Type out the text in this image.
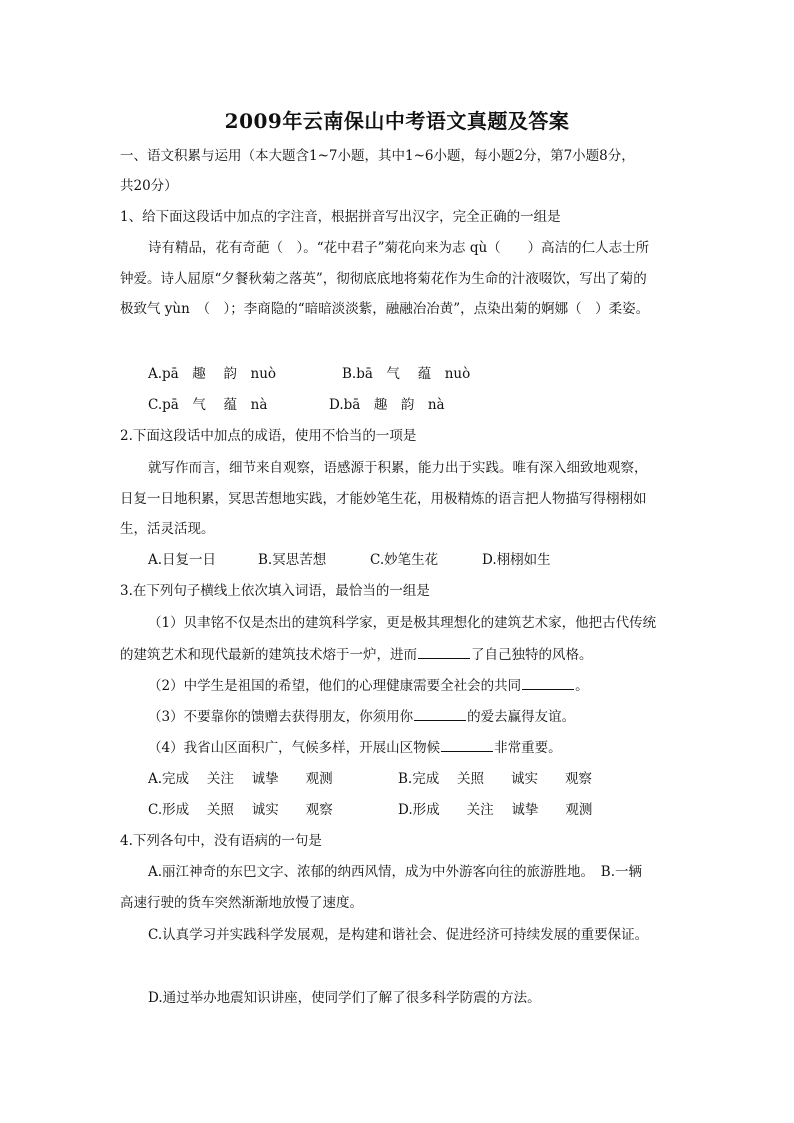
2009年云南保山中考语文真题及答案
一、语文积累与运用（本大题含1~7小题，其中1~6小题，每小题2分，第7小题8分，
共20分）
1、给下面这段话中加点的字注音，根据拼音写出汉字，完全正确的一组是
诗有精品，花有奇葩（　）。“花中君子”菊花向来为志 qù（　　）高洁的仁人志士所
钟爱。诗人屈原“夕餐秋菊之落英”，彻彻底底地将菊花作为生命的汁液啜饮，写出了菊的
极致气 yùn　（　）；李商隐的“暗暗淡淡紫，融融冶冶黄”，点染出菊的婀娜（　）柔姿。
A.pā　趣　 韵　nuò	B.bā　气　 蕴　nuò
C.pā　气　 蕴　nà	D.bā　趣　韵　nà
2.下面这段话中加点的成语，使用不恰当的一项是
就写作而言，细节来自观察，语感源于积累，能力出于实践。唯有深入细致地观察，
日复一日地积累，冥思苦想地实践，才能妙笔生花，用极精炼的语言把人物描写得栩栩如
生，活灵活现。
A.日复一日	B.冥思苦想	C.妙笔生花	D.栩栩如生
3.在下列句子横线上依次填入词语，最恰当的一组是
（1）贝聿铭不仅是杰出的建筑科学家，更是极其理想化的建筑艺术家，他把古代传统
的建筑艺术和现代最新的建筑技术熔于一炉，进而	了自己独特的风格。
（2）中学生是祖国的希望，他们的心理健康需要全社会的共同	。
（3）不要靠你的馈赠去获得朋友，你须用你	的爱去赢得友谊。
（4）我省山区面积广，气候多样，开展山区物候	非常重要。
A.完成　 关注　 诚挚　　观测	B.完成　 关照　　诚实　　观察
C.形成　 关照　 诚实　　观察	D.形成　　关注　 诚挚　　观测
4.下列各句中，没有语病的一句是
A.丽江神奇的东巴文字、浓郁的纳西风情，成为中外游客向往的旅游胜地。　B.一辆
高速行驶的货车突然渐渐地放慢了速度。
C.认真学习并实践科学发展观，是构建和谐社会、促进经济可持续发展的重要保证。
D.通过举办地震知识讲座，使同学们了解了很多科学防震的方法。
